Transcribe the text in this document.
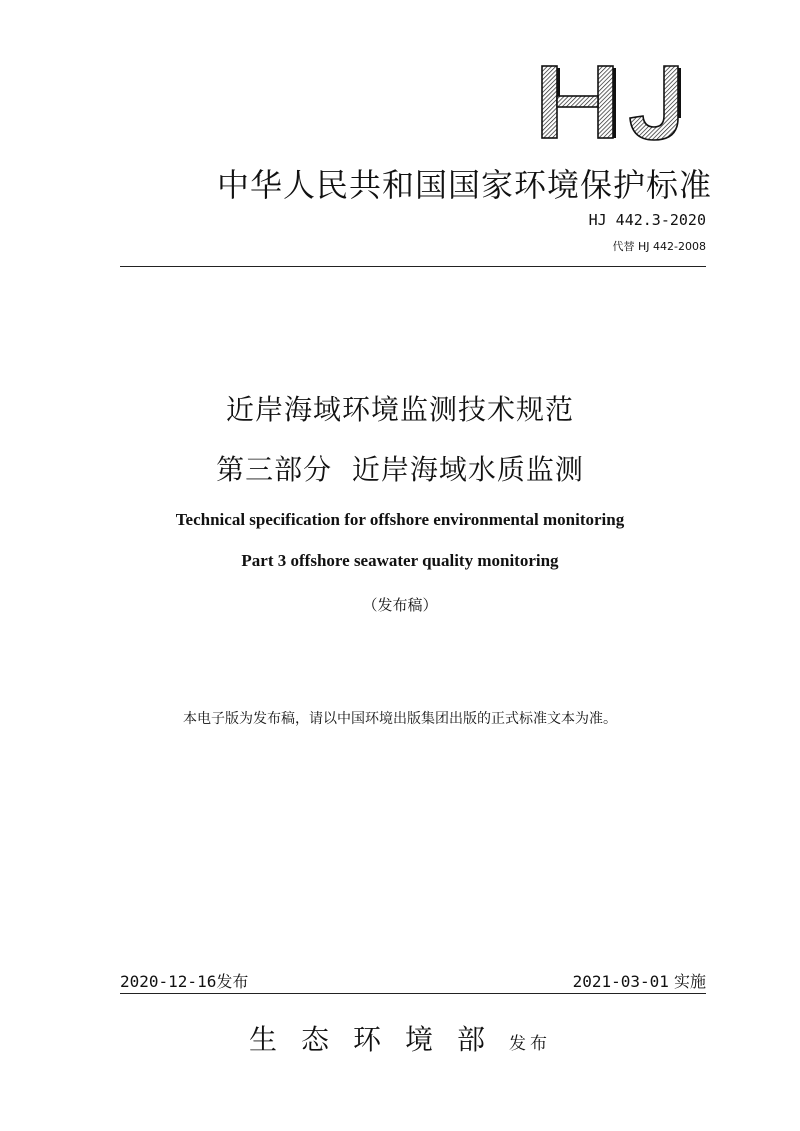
中华人民共和国国家环境保护标准
HJ 442.3-2020
代替 HJ 442-2008
近岸海域环境监测技术规范
第三部分  近岸海域水质监测
Technical specification for offshore environmental monitoring
Part 3 offshore seawater quality monitoring
（发布稿）
本电子版为发布稿，请以中国环境出版集团出版的正式标准文本为准。
2020-12-16发布	2021-03-01 实施
生态环境部发布
